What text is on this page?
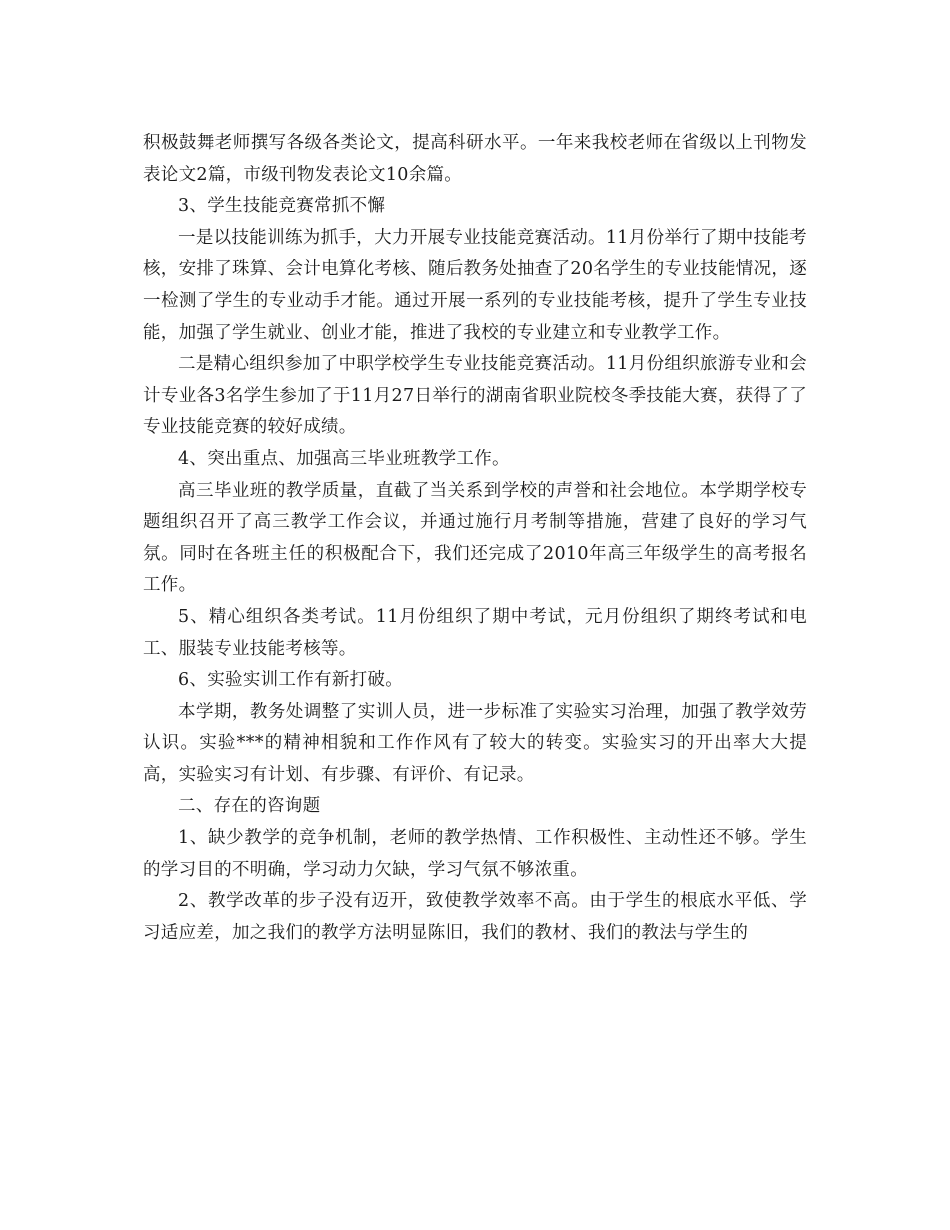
积极鼓舞老师撰写各级各类论文，提高科研水平。一年来我校老师在省级以上刊物发表论文2篇，市级刊物发表论文10余篇。

3、学生技能竞赛常抓不懈

一是以技能训练为抓手，大力开展专业技能竞赛活动。11月份举行了期中技能考核，安排了珠算、会计电算化考核、随后教务处抽查了20名学生的专业技能情况，逐一检测了学生的专业动手才能。通过开展一系列的专业技能考核，提升了学生专业技能，加强了学生就业、创业才能，推进了我校的专业建立和专业教学工作。

二是精心组织参加了中职学校学生专业技能竞赛活动。11月份组织旅游专业和会计专业各3名学生参加了于11月27日举行的湖南省职业院校冬季技能大赛，获得了了专业技能竞赛的较好成绩。

4、突出重点、加强高三毕业班教学工作。

高三毕业班的教学质量，直截了当关系到学校的声誉和社会地位。本学期学校专题组织召开了高三教学工作会议，并通过施行月考制等措施，营建了良好的学习气氛。同时在各班主任的积极配合下，我们还完成了2010年高三年级学生的高考报名工作。

5、精心组织各类考试。11月份组织了期中考试，元月份组织了期终考试和电工、服装专业技能考核等。

6、实验实训工作有新打破。

本学期，教务处调整了实训人员，进一步标准了实验实习治理，加强了教学效劳认识。实验***的精神相貌和工作作风有了较大的转变。实验实习的开出率大大提高，实验实习有计划、有步骤、有评价、有记录。

二、存在的咨询题

1、缺少教学的竞争机制，老师的教学热情、工作积极性、主动性还不够。学生的学习目的不明确，学习动力欠缺，学习气氛不够浓重。

2、教学改革的步子没有迈开，致使教学效率不高。由于学生的根底水平低、学习适应差，加之我们的教学方法明显陈旧，我们的教材、我们的教法与学生的
